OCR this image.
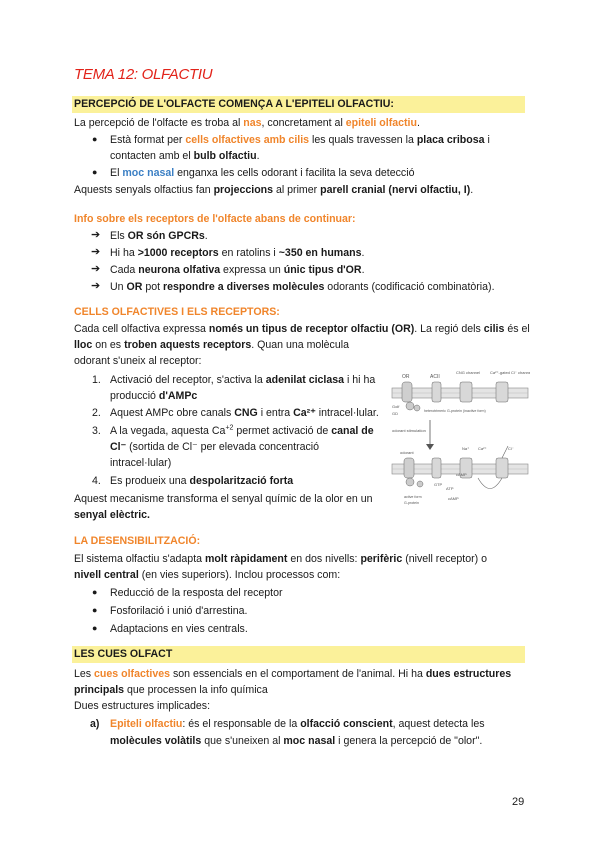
TEMA 12: OLFACTIU
PERCEPCIÓ DE L'OLFACTE COMENÇA A L'EPITELI OLFACTIU:
La percepció de l'olfacte es troba al nas, concretament al epiteli olfactiu.
● Està format per cells olfactives amb cilis les quals travessen la placa cribosa i
contacten amb el bulb olfactiu.
● El moc nasal enganxa les cells odorant i facilita la seva detecció
Aquests senyals olfactius fan projeccions al primer parell cranial (nervi olfactiu, I).
Info sobre els receptors de l'olfacte abans de continuar:
➔ Els OR són GPCRs.
➔ Hi ha >1000 receptors en ratolins i ~350 en humans.
➔ Cada neurona olfativa expressa un únic tipus d'OR.
➔ Un OR pot respondre a diverses molècules odorants (codificació combinatòria).
CELLS OLFACTIVES I ELS RECEPTORS:
Cada cell olfactiva expressa només un tipus de receptor olfactiu (OR). La regió dels cilis és el
lloc on es troben aquests receptors. Quan una molècula
odorant s'uneix al receptor:
1. Activació del receptor, s'activa la adenilat ciclasa i hi ha
producció d'AMPc
2. Aquest AMPc obre canals CNG i entra Ca²⁺ intracel·lular.
3. A la vegada, aquesta $Ca^{+2}$ permet activació de canal de
Cl⁻ (sortida de Cl⁻ per elevada concentració
intracel·lular)
4. Es produeix una despolarització forta
Aquest mecanisme transforma el senyal químic de la olor en un
senyal elèctric.
OR	ACII
CNG channel Ca²⁺-gated Cl⁻ channel
Golf
GD	heterotrimeric G-protein (inactive form)
odorant stimulation
odorant
GTP
ATP
cAMP
cAMP
active form
G-protein
Ca²⁺
Na⁺	Cl⁻
LA DESENSIBILITZACIÓ:
El sistema olfactiu s'adapta molt ràpidament en dos nivells: perifèric (nivell receptor) o
nivell central (en vies superiors). Inclou processos com:
● Reducció de la resposta del receptor
● Fosforilació i unió d'arrestina.
● Adaptacions en vies centrals.
LES CUES OLFACT
Les cues olfactives son essencials en el comportament de l'animal. Hi ha dues estructures
principals que processen la info química
Dues estructures implicades:
a) Epiteli olfactiu: és el responsable de la olfacció conscient, aquest detecta les
molècules volàtils que s'uneixen al moc nasal i genera la percepció de "olor".
29
